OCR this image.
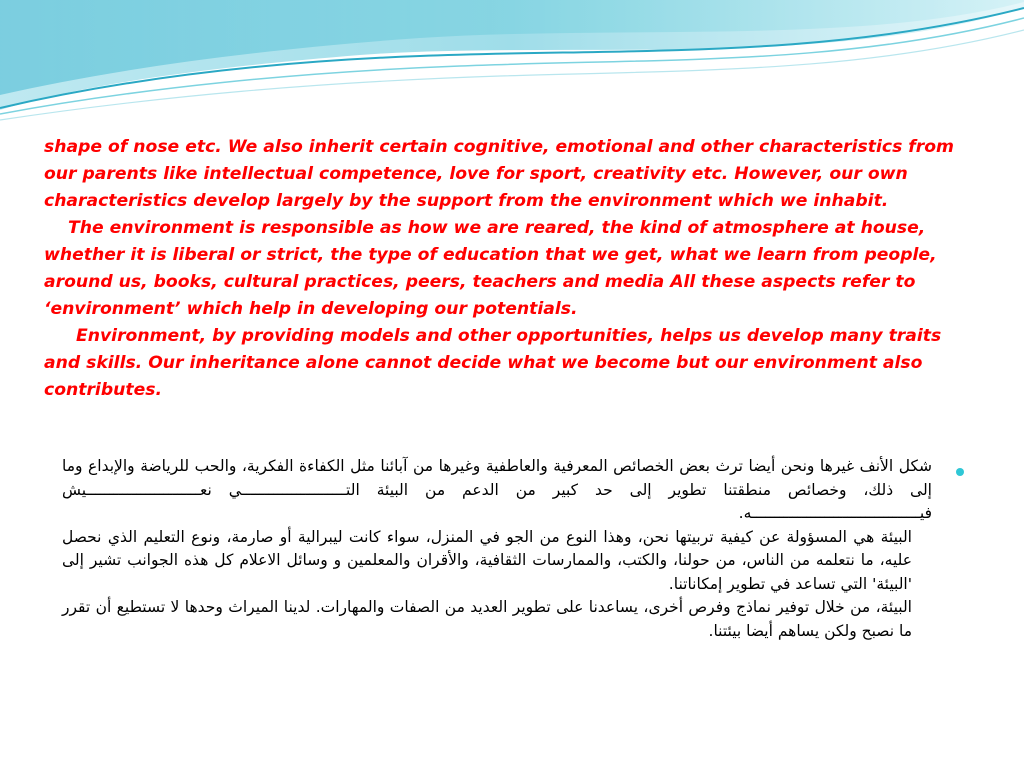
shape of nose etc. We also inherit certain cognitive, emotional and other characteristics from our parents like intellectual competence, love for sport, creativity etc. However, our own characteristics develop largely by the support from the environment which we inhabit.

The environment is responsible as how we are reared, the kind of atmosphere at house, whether it is liberal or strict, the type of education that we get, what we learn from people, around us, books, cultural practices, peers, teachers and media All these aspects refer to ‘environment’ which help in developing our potentials.

Environment, by providing models and other opportunities, helps us develop many traits and skills. Our inheritance alone cannot decide what we become but our environment also contributes.

شكل الأنف غيرها ونحن أيضا ترث بعض الخصائص المعرفية والعاطفية وغيرها من آبائنا مثل الكفاءة الفكرية، والحب للرياضة والإبداع وما إلى ذلك، وخصائص منطقتنا تطوير إلى حد كبير من الدعم من البيئة التـــــــــــــــــــــــي نعـــــــــــــــــــــــــيش فيـــــــــــــــــــــــــــــــــــــه.

البيئة هي المسؤولة عن كيفية تربيتها نحن، وهذا النوع من الجو في المنزل، سواء كانت ليبرالية أو صارمة، ونوع التعليم الذي نحصل عليه، ما نتعلمه من الناس، من حولنا، والكتب، والممارسات الثقافية، والأقران والمعلمين و وسائل الاعلام كل هذه الجوانب تشير إلى 'البيئة' التي تساعد في تطوير إمكاناتنا.

البيئة، من خلال توفير نماذج وفرص أخرى، يساعدنا على تطوير العديد من الصفات والمهارات. لدينا الميراث وحدها لا تستطيع أن تقرر ما نصبح ولكن يساهم أيضا بيئتنا.
